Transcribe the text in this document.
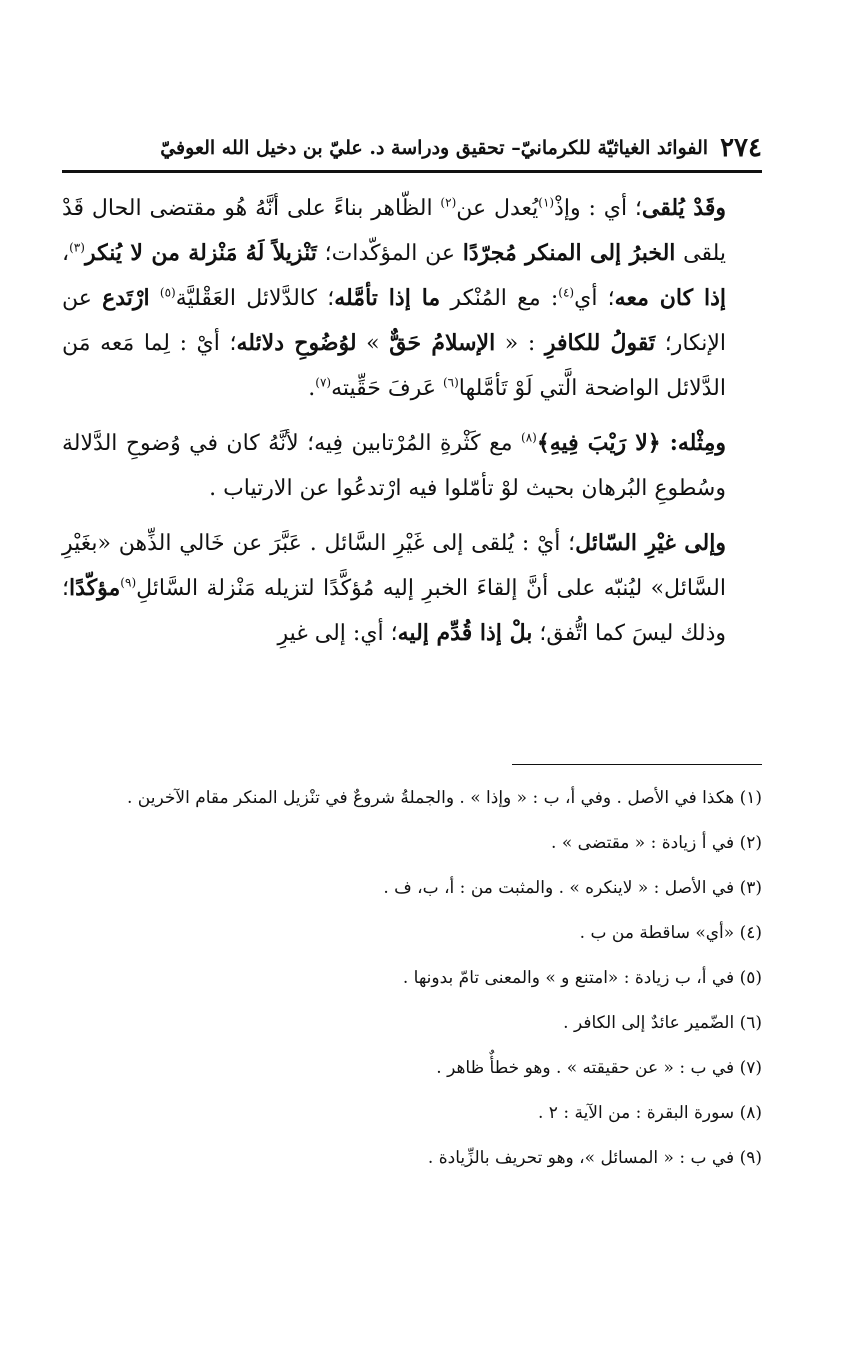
٢٧٤
الفوائد الغياثيّة للكرمانيّ– تحقيق ودراسة د. عليّ بن دخيل الله العوفيّ

وقَدْ يُلقى؛ أي : وإذْ$^{(١)}$يُعدل عن$^{(٢)}$ الظّاهر بناءً على أنَّهُ هُو مقتضى الحال قَدْ يلقى الخبرُ إلى المنكر مُجرّدًا عن المؤكّدات؛ تَنْزيلاً لَهُ مَنْزلة من لا يُنكر$^{(٣)}$، إذا كان معه؛ أي$^{(٤)}$: مع المُنْكر ما إذا تأمَّله؛ كالدَّلائل العَقْليَّة$^{(٥)}$ ارْتَدع عن الإنكار؛ تَقولُ للكافرِ : « الإسلامُ حَقٌّ » لوُضُوحِ دلائله؛ أيْ : لِما مَعه مَن الدَّلائل الواضحة الَّتي لَوْ تَأمَّلها$^{(٦)}$ عَرفَ حَقِّيته$^{(٧)}$.

ومِثْله: ﴿لا رَيْبَ فِيهِ﴾$^{(٨)}$ مع كَثْرةِ المُرْتابين فِيه؛ لأنَّهُ كان في وُضوحِ الدَّلالة وسُطوعِ البُرهان بحيث لوْ تأمّلوا فيه ارْتدعُوا عن الارتياب .

وإلى غيْرِ السّائل؛ أيْ : يُلقى إلى غَيْرِ السَّائل . عَبَّرَ عن خَالي الذِّهن «بغَيْرِ السَّائل» ليُنبّه على أنَّ إلقاءَ الخبرِ إليه مُؤكَّدًا لتزيله مَنْزلة السَّائلِ$^{(٩)}$مؤكّدًا؛ وذلك ليسَ كما اتُّفق؛ بلْ إذا قُدِّم إليه؛ أي: إلى غيرِ

(١) هكذا في الأصل . وفي أ، ب : « وإذا » . والجملةُ شروعٌ في تنْزيل المنكر مقام الآخرين .

(٢) في أ زيادة : « مقتضى » .

(٣) في الأصل : « لاينكره » . والمثبت من : أ، ب، ف .

(٤) «أي» ساقطة من ب .

(٥) في أ، ب زيادة : «امتنع و » والمعنى تامّ بدونها .

(٦) الضّمير عائدٌ إلى الكافر .

(٧) في ب : « عن حقيقته » . وهو خطأٌ ظاهر .

(٨) سورة البقرة : من الآية : ٢ .

(٩) في ب : « المسائل »، وهو تحريف بالزِّيادة .
